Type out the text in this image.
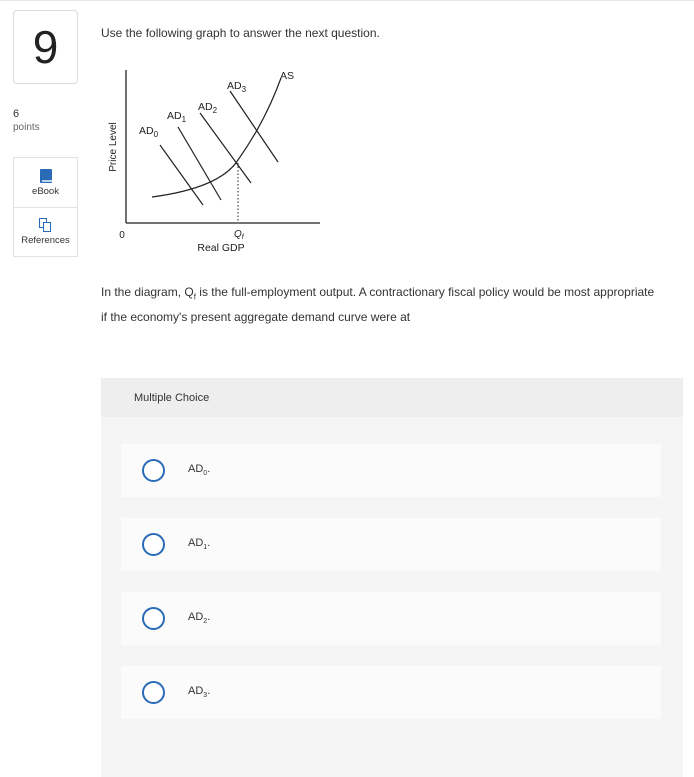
9
6
points
eBook
References
Use the following graph to answer the next question.
Price Level
0
Real GDP
AS
$AD_0$
$AD_1$
$AD_2$
$AD_3$
$Q_f$
In the diagram, $Q_f$ is the full-employment output. A contractionary fiscal policy would be most appropriate if the economy's present aggregate demand curve were at
Multiple Choice
$AD_0$.
$AD_1$.
$AD_2$.
$AD_3$.
